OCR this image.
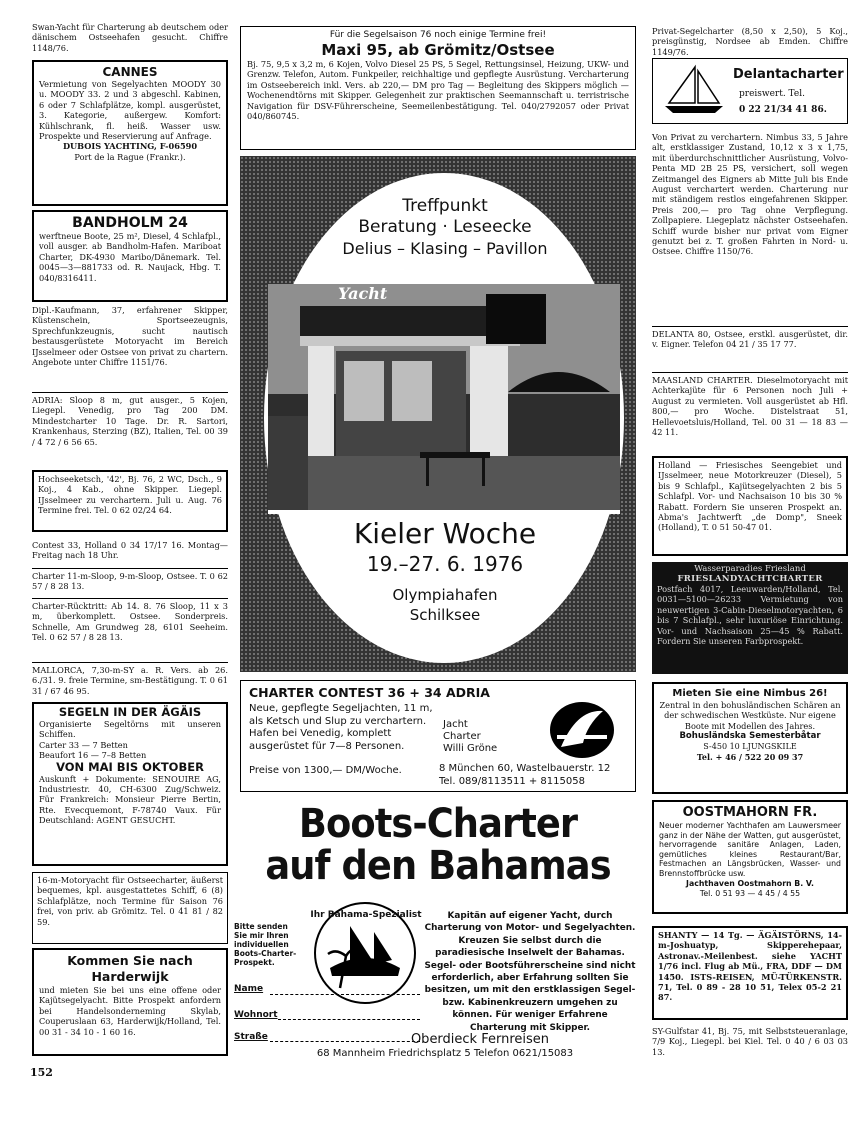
Swan-Yacht für Charterung ab deutschem oder dänischem Ostseehafen gesucht. Chiffre 1148/76.

CANNES

Vermietung von Segelyachten MOODY 30 u. MOODY 33. 2 und 3 abgeschl. Kabinen, 6 oder 7 Schlafplätze, kompl. ausgerüstet, 3. Kategorie, außergew. Komfort: Kühlschrank, fl. heiß. Wasser usw. Prospekte und Reservierung auf Anfrage.

DUBOIS YACHTING, F-06590

Port de la Rague (Frankr.).

BANDHOLM 24

werftneue Boote, 25 m², Diesel, 4 Schlafpl., voll ausger. ab Bandholm-Hafen. Mariboat Charter, DK-4930 Maribo/Dänemark. Tel. 0045—3—881733 od. R. Naujack, Hbg. T. 040/8316411.

Dipl.-Kaufmann, 37, erfahrener Skipper, Küstenschein, Sportseezeugnis, Sprechfunkzeugnis, sucht nautisch bestausgerüstete Motoryacht im Bereich IJsselmeer oder Ostsee von privat zu chartern. Angebote unter Chiffre 1151/76.

ADRIA: Sloop 8 m, gut ausger., 5 Kojen, Liegepl. Venedig, pro Tag 200 DM. Mindestcharter 10 Tage. Dr. R. Sartori, Krankenhaus, Sterzing (BZ), Italien, Tel. 00 39 / 4 72 / 6 56 65.

Hochseeketsch, '42', Bj. 76, 2 WC, Dsch., 9 Koj., 4 Kab., ohne Skipper. Liegepl. IJsselmeer zu verchartern. Juli u. Aug. 76 Termine frei. Tel. 0 62 02/24 64.

Contest 33, Holland 0 34 17/17 16. Montag—Freitag nach 18 Uhr.

Charter 11-m-Sloop, 9-m-Sloop, Ostsee. T. 0 62 57 / 8 28 13.

Charter-Rücktritt: Ab 14. 8. 76 Sloop, 11 x 3 m, überkomplett. Ostsee. Sonderpreis. Schnelle, Am Grundweg 28, 6101 Seeheim. Tel. 0 62 57 / 8 28 13.

MALLORCA, 7,30-m-SY a. R. Vers. ab 26. 6./31. 9. freie Termine, sm-Bestätigung. T. 0 61 31 / 67 46 95.

SEGELN IN DER ÄGÄIS

Organisierte Segeltörns mit unseren Schiffen.

Carter 33 — 7 Betten

Beaufort 16 — 7–8 Betten

VON MAI BIS OKTOBER

Auskunft + Dokumente: SENOUIRE AG, Industriestr. 40, CH-6300 Zug/Schweiz. Für Frankreich: Monsieur Pierre Bertin, Rte. Evecquemont, F-78740 Vaux. Für Deutschland: AGENT GESUCHT.

16-m-Motoryacht für Ostseecharter, äußerst bequemes, kpl. ausgestattetes Schiff, 6 (8) Schlafplätze, noch Termine für Saison 76 frei, von priv. ab Grömitz. Tel. 0 41 81 / 82 59.

Kommen Sie nach Harderwijk

und mieten Sie bei uns eine offene oder Kajütsegelyacht. Bitte Prospekt anfordern bei Handelsonderneming Skylab, Couperuslaan 63, Harderwijk/Holland, Tel. 00 31 - 34 10 - 1 60 16.

Für die Segelsaison 76 noch einige Termine frei!
Maxi 95, ab Grömitz/Ostsee

Bj. 75, 9,5 x 3,2 m, 6 Kojen, Volvo Diesel 25 PS, 5 Segel, Rettungsinsel, Heizung, UKW- und Grenzw. Telefon, Autom. Funkpeiler, reichhaltige und gepflegte Ausrüstung. Vercharterung im Ostseebereich inkl. Vers. ab 220,— DM pro Tag — Begleitung des Skippers möglich — Wochenendtörns mit Skipper. Gelegenheit zur praktischen Seemannschaft u. terristrische Navigation für DSV-Führerscheine, Seemeilenbestätigung. Tel. 040/2792057 oder Privat 040/860745.

Treffpunkt
Beratung · Leseecke
Delius – Klasing – Pavillon
Yacht
Kieler Woche
19.–27. 6. 1976
Olympiahafen
Schilksee
CHARTER CONTEST 36 + 34 ADRIA
Neue, gepflegte Segeljachten, 11 m, als Ketsch und Slup zu verchartern. Hafen bei Venedig, komplett ausgerüstet für 7—8 Personen.
Jacht
Charter
Willi Gröne
Preise von 1300,— DM/Woche.	8 München 60, Wastelbauerstr. 12
Tel. 089/8113511 + 8115058
Boots-Charter
auf den Bahamas
Ihr Bahama-Spezialist
Bitte senden Sie mir Ihren individuellen Boots-Charter-Prospekt.
Name
Wohnort
Straße
Kapitän auf eigener Yacht, durch Charterung von Motor- und Segelyachten. Kreuzen Sie selbst durch die paradiesische Inselwelt der Bahamas. Segel- oder Bootsführerscheine sind nicht erforderlich, aber Erfahrung sollten Sie besitzen, um mit den erstklassigen Segel- bzw. Kabinenkreuzern umgehen zu können. Für weniger Erfahrene Charterung mit Skipper.
Oberdieck Fernreisen
68 Mannheim Friedrichsplatz 5 Telefon 0621/15083

Privat-Segelcharter (8,50 x 2,50), 5 Koj., preisgünstig, Nordsee ab Emden. Chiffre 1149/76.

Delantacharter
preiswert. Tel.
0 22 21/34 41 86.

Von Privat zu verchartern. Nimbus 33, 5 Jahre alt, erstklassiger Zustand, 10,12 x 3 x 1,75, mit überdurchschnittlicher Ausrüstung, Volvo-Penta MD 2B 25 PS, versichert, soll wegen Zeitmangel des Eigners ab Mitte Juli bis Ende August verchartert werden. Charterung nur mit ständigem restlos eingefahrenen Skipper. Preis 200,— pro Tag ohne Verpflegung. Zollpapiere. Liegeplatz nächster Ostseehafen. Schiff wurde bisher nur privat vom Eigner genutzt bei z. T. großen Fahrten in Nord- u. Ostsee. Chiffre 1150/76.

DELANTA 80, Ostsee, erstkl. ausgerüstet, dir. v. Eigner. Telefon 04 21 / 35 17 77.

MAASLAND CHARTER. Dieselmotoryacht mit Achterkajüte für 6 Personen noch Juli + August zu vermieten. Voll ausgerüstet ab Hfl. 800,— pro Woche. Distelstraat 51, Hellevoetsluis/Holland, Tel. 00 31 — 18 83 — 42 11.

Holland — Friesisches Seengebiet und IJsselmeer, neue Motorkreuzer (Diesel), 5 bis 9 Schlafpl., Kajütsegelyachten 2 bis 5 Schlafpl. Vor- und Nachsaison 10 bis 30 % Rabatt. Fordern Sie unseren Prospekt an. Abma's Jachtwerft „de Domp", Sneek (Holland), T. 0 51 50-47 01.

Wasserparadies Friesland
FRIESLANDYACHTCHARTER

Postfach 4017, Leeuwarden/Holland, Tel. 0031—5100—26233 Vermietung von neuwertigen 3-Cabin-Dieselmotoryachten, 6 bis 7 Schlafpl., sehr luxuriöse Einrichtung. Vor- und Nachsaison 25—45 % Rabatt. Fordern Sie unseren Farbprospekt.

Mieten Sie eine Nimbus 26!

Zentral in den bohusländischen Schären an der schwedischen Westküste. Nur eigene Boote mit Modellen des Jahres.

Bohusländska Semesterbåtar
S-450 10 LJUNGSKILE
Tel. + 46 / 522 20 09 37
OOSTMAHORN FR.

Neuer moderner Yachthafen am Lauwersmeer ganz in der Nähe der Watten, gut ausgerüstet, hervorragende sanitäre Anlagen, Laden, gemütliches kleines Restaurant/Bar, Festmachen an Längsbrücken, Wasser- und Brennstoffbrücke usw.

Jachthaven Oostmahorn B. V.
Tel. 0 51 93 — 4 45 / 4 55

SHANTY — 14 Tg. — ÄGÄISTÖRNS, 14-m-Joshuatyp, Skipperehepaar, Astronav.-Meilenbest. siehe YACHT 1/76 incl. Flug ab Mü., FRA, DDF — DM 1450. ISTS-REISEN, MÜ-TÜRKENSTR. 71, Tel. 0 89 - 28 10 51, Telex 05-2 21 87.

SY-Gulfstar 41, Bj. 75, mit Selbststeueranlage, 7/9 Koj., Liegepl. bei Kiel. Tel. 0 40 / 6 03 03 13.

152
